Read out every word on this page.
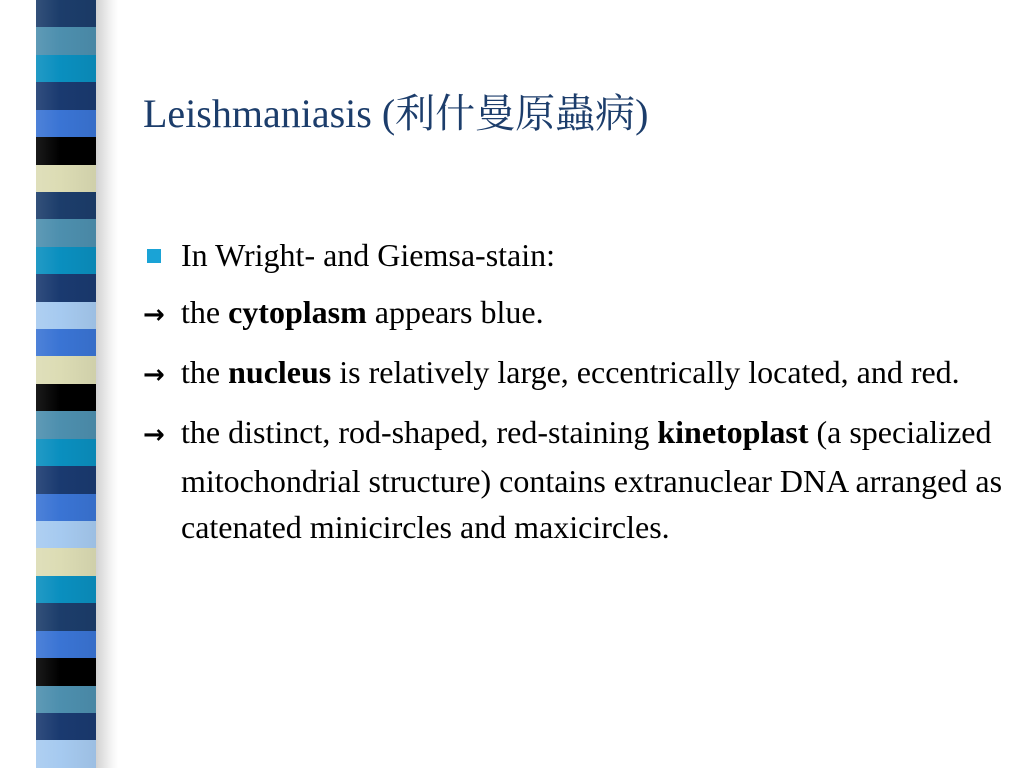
Leishmaniasis (利什曼原蟲病)
In Wright- and Giemsa-stain:
→ the cytoplasm appears blue.
→ the nucleus is relatively large, eccentrically located, and red.
→ the distinct, rod-shaped, red-staining kinetoplast (a specialized mitochondrial structure) contains extranuclear DNA arranged as catenated minicircles and maxicircles.
